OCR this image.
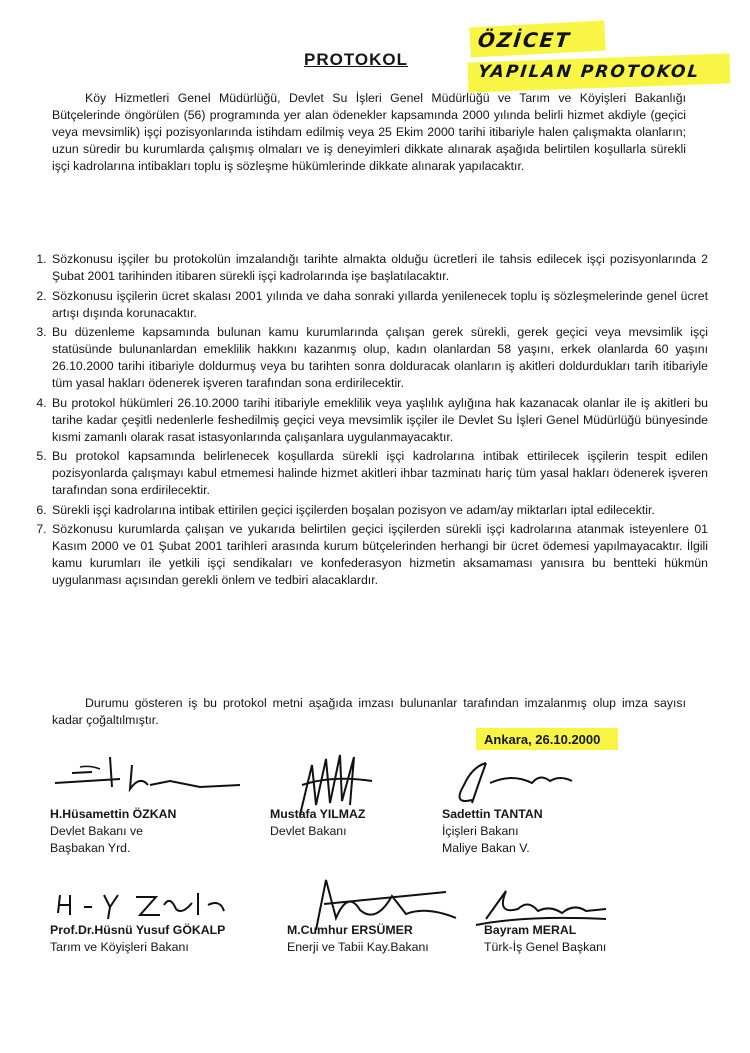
PROTOKOL
ÖZİCET
YAPILAN PROTOKOL

Köy Hizmetleri Genel Müdürlüğü, Devlet Su İşleri Genel Müdürlüğü ve Tarım ve Köyişleri Bakanlığı Bütçelerinde öngörülen (56) programında yer alan ödenekler kapsamında 2000 yılında belirli hizmet akdiyle (geçici veya mevsimlik) işçi pozisyonlarında istihdam edilmiş veya 25 Ekim 2000 tarihi itibariyle halen çalışmakta olanların; uzun süredir bu kurumlarda çalışmış olmaları ve iş deneyimleri dikkate alınarak aşağıda belirtilen koşullarla sürekli işçi kadrolarına intibakları toplu iş sözleşme hükümlerinde dikkate alınarak yapılacaktır.

1. Sözkonusu işçiler bu protokolün imzalandığı tarihte almakta olduğu ücretleri ile tahsis edilecek işçi pozisyonlarında 2 Şubat 2001 tarihinden itibaren sürekli işçi kadrolarında işe başlatılacaktır.
2. Sözkonusu işçilerin ücret skalası 2001 yılında ve daha sonraki yıllarda yenilenecek toplu iş sözleşmelerinde genel ücret artışı dışında korunacaktır.
3. Bu düzenleme kapsamında bulunan kamu kurumlarında çalışan gerek sürekli, gerek geçici veya mevsimlik işçi statüsünde bulunanlardan emeklilik hakkını kazanmış olup, kadın olanlardan 58 yaşını, erkek olanlarda 60 yaşını 26.10.2000 tarihi itibariyle doldurmuş veya bu tarihten sonra dolduracak olanların iş akitleri doldurdukları tarih itibariyle tüm yasal hakları ödenerek işveren tarafından sona erdirilecektir.
4. Bu protokol hükümleri 26.10.2000 tarihi itibariyle emeklilik veya yaşlılık aylığına hak kazanacak olanlar ile iş akitleri bu tarihe kadar çeşitli nedenlerle feshedilmiş geçici veya mevsimlik işçiler ile Devlet Su İşleri Genel Müdürlüğü bünyesinde kısmi zamanlı olarak rasat istasyonlarında çalışanlara uygulanmayacaktır.
5. Bu protokol kapsamında belirlenecek koşullarda sürekli işçi kadrolarına intibak ettirilecek işçilerin tespit edilen pozisyonlarda çalışmayı kabul etmemesi halinde hizmet akitleri ihbar tazminatı hariç tüm yasal hakları ödenerek işveren tarafından sona erdirilecektir.
6. Sürekli işçi kadrolarına intibak ettirilen geçici işçilerden boşalan pozisyon ve adam/ay miktarları iptal edilecektir.
7. Sözkonusu kurumlarda çalışan ve yukarıda belirtilen geçici işçilerden sürekli işçi kadrolarına atanmak isteyenlere 01 Kasım 2000 ve 01 Şubat 2001 tarihleri arasında kurum bütçelerinden herhangi bir ücret ödemesi yapılmayacaktır. İlgili kamu kurumları ile yetkili işçi sendikaları ve konfederasyon hizmetin aksamaması yanısıra bu bentteki hükmün uygulanması açısından gerekli önlem ve tedbiri alacaklardır.

Durumu gösteren iş bu protokol metni aşağıda imzası bulunanlar tarafından imzalanmış olup imza sayısı kadar çoğaltılmıştır.

Ankara, 26.10.2000
H.Hüsamettin ÖZKAN
Devlet Bakanı ve
Başbakan Yrd.
Mustafa YILMAZ
Devlet Bakanı
Sadettin TANTAN
İçişleri Bakanı
Maliye Bakan V.
Prof.Dr.Hüsnü Yusuf GÖKALP
Tarım ve Köyişleri Bakanı
M.Cumhur ERSÜMER
Enerji ve Tabii Kay.Bakanı
Bayram MERAL
Türk-İş Genel Başkanı
